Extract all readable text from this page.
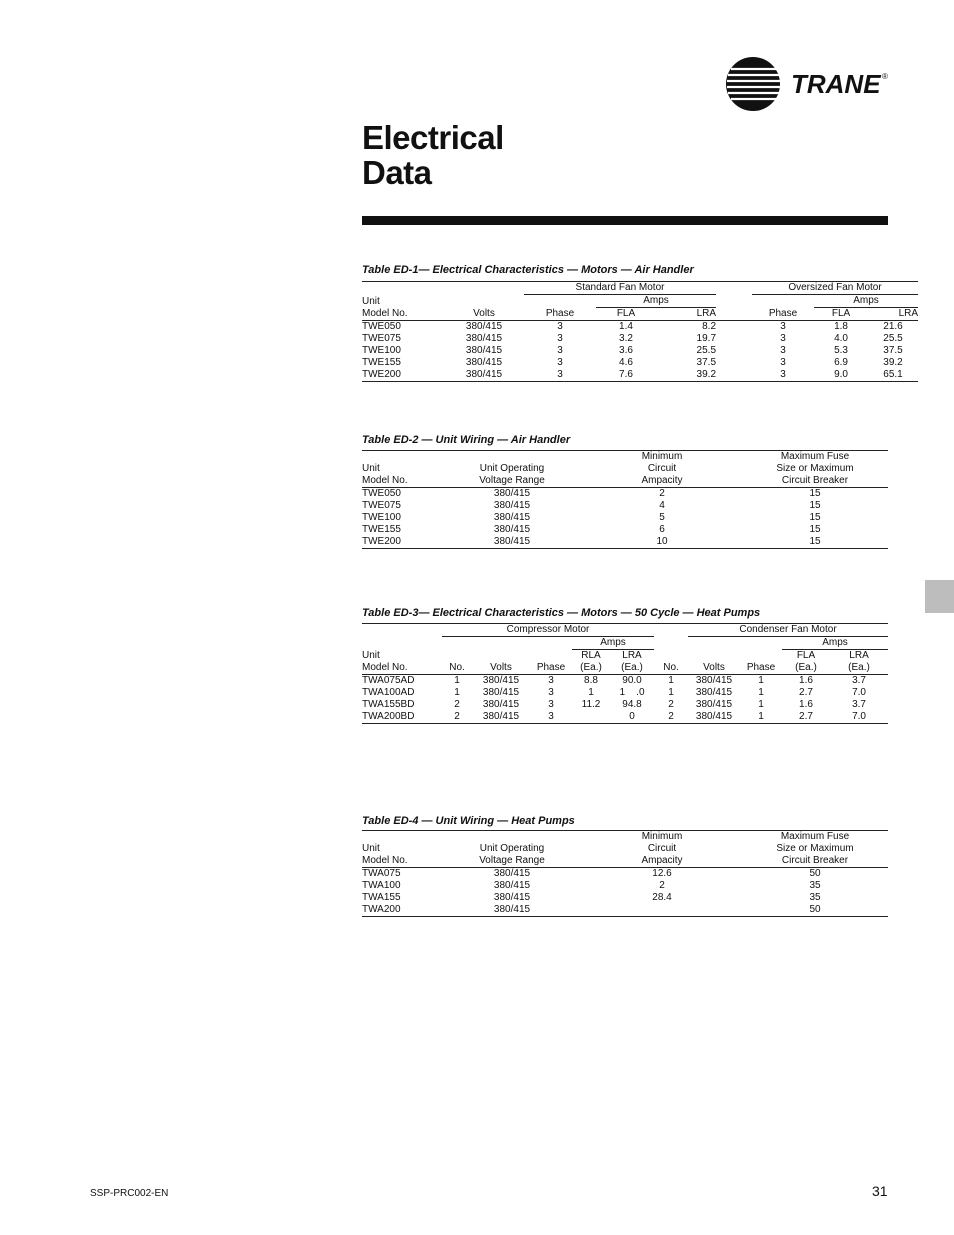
TRANE ®
Electrical
Data
Table ED-1— Electrical Characteristics — Motors — Air Handler
		Standard Fan Motor				Oversized Fan Motor		
Unit			Amps				Amps	
Model No.	Volts	Phase	FLA	LRA		Phase	FLA	LRA
TWE050	380/415	3	1.4	8.2		3	1.8	21.6
TWE075	380/415	3	3.2	19.7		3	4.0	25.5
TWE100	380/415	3	3.6	25.5		3	5.3	37.5
TWE155	380/415	3	4.6	37.5		3	6.9	39.2
TWE200	380/415	3	7.6	39.2		3	9.0	65.1
Table ED-2 — Unit Wiring — Air Handler
		Minimum	Maximum Fuse
Unit	Unit Operating	Circuit	Size or Maximum
Model No.	Voltage Range	Ampacity	Circuit Breaker
TWE050	380/415	2	15
TWE075	380/415	4	15
TWE100	380/415	5	15
TWE155	380/415	6	15
TWE200	380/415	10	15
Table ED-3— Electrical Characteristics — Motors — 50 Cycle — Heat Pumps
	Compressor Motor						Condenser Fan Motor				
				Amps					Amps		
Unit				RLA	LRA				FLA	LRA	
Model No.	No.	Volts	Phase	(Ea.)	(Ea.)	No.	Volts	Phase	(Ea.)	(Ea.)	
TWA075AD	1	380/415	3	8.8	90.0	1	380/415	1	1.6	3.7	
TWA100AD	1	380/415	3	1	1    .0	1	380/415	1	2.7	7.0	
TWA155BD	2	380/415	3	11.2	94.8	2	380/415	1	1.6	3.7	
TWA200BD	2	380/415	3		0	2	380/415	1	2.7	7.0	
Table ED-4 — Unit Wiring — Heat Pumps
		Minimum	Maximum Fuse
Unit	Unit Operating	Circuit	Size or Maximum
Model No.	Voltage Range	Ampacity	Circuit Breaker
TWA075	380/415	12.6	50
TWA100	380/415	2	35
TWA155	380/415	28.4	35
TWA200	380/415		50
SSP-PRC002-EN	31
